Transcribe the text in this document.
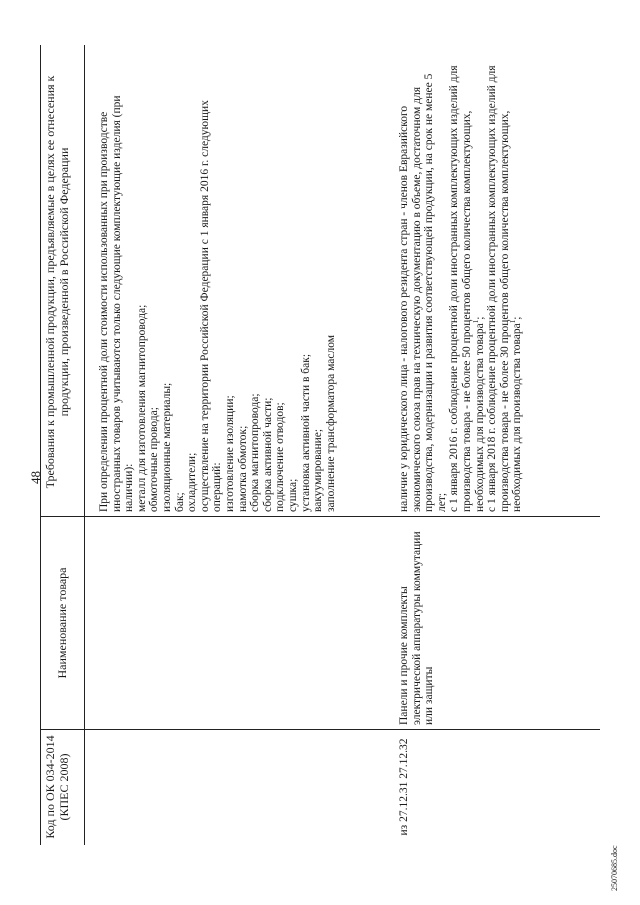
48
Код по ОК 034-2014 (КПЕС 2008)
Наименование товара
Требования к промышленной продукции, предъявляемые в целях ее отнесения к продукции, произведенной в Российской Федерации При определении процентной доли стоимости использованных при производстве иностранных товаров учитываются только следующие комплектующие изделия (при наличии): металл для изготовления магнитопровода; обмоточные провода; изоляционные материалы; бак; охладители; осуществление на территории Российской Федерации с 1 января 2016 г. следующих операций: изготовление изоляции; намотка обмоток; сборка магнитопровода; сборка активной части; подключение отводов; сушка; установка активной части в бак; вакуумирование; заполнение трансформатора маслом
из 27.12.31 27.12.32
Панели и прочие комплекты электрической аппаратуры коммутации или защиты
наличие у юридического лица - налогового резидента стран - членов Евразийского экономического союза прав на техническую документацию в объеме, достаточном для производства, модернизации и развития соответствующей продукции, на срок не менее 5 лет; с 1 января 2016 г. соблюдение процентной доли иностранных комплектующих изделий для производства товара - не более 50 процентов общего количества комплектующих, необходимых для производства товара$^1$; с 1 января 2018 г. соблюдение процентной доли иностранных комплектующих изделий для производства товара - не более 30 процентов общего количества комплектующих, необходимых для производства товара$^1$;
25070685.doc
